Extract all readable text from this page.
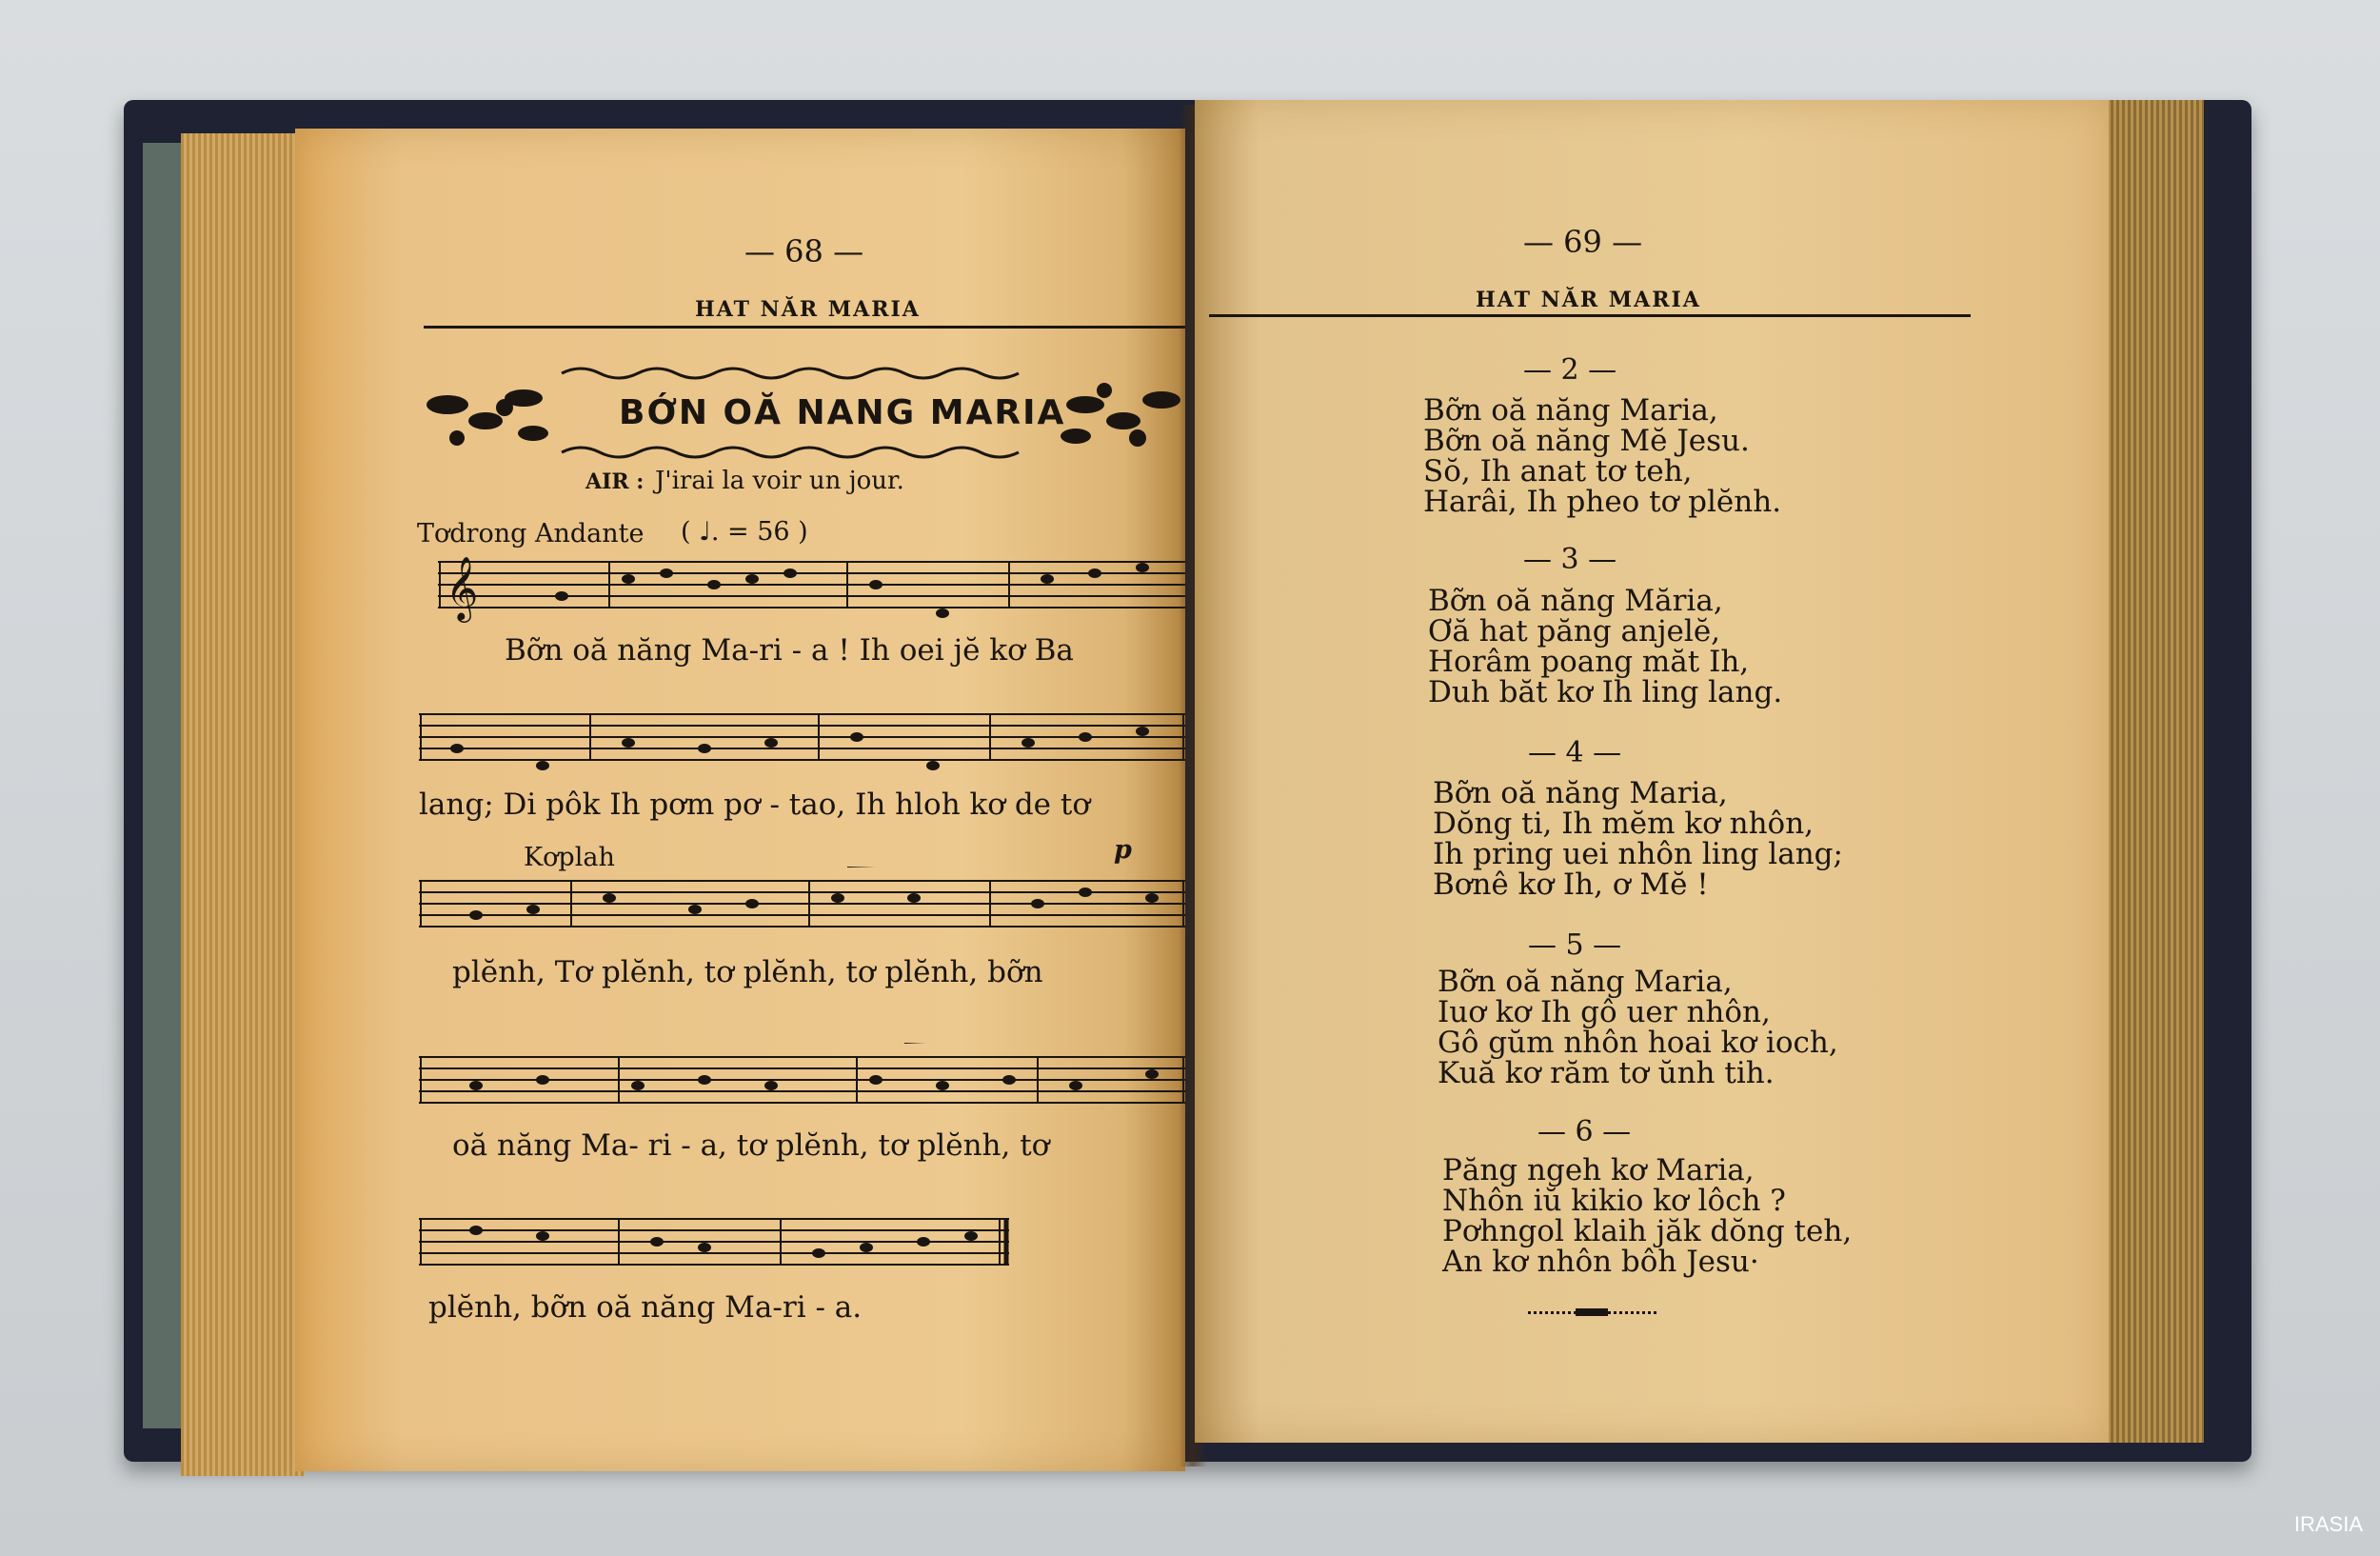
— 68 —
HAT NĂR MARIA
BỚN OĂ NANG MARIA
AIR : J'irai la voir un jour.
Tơdrong Andante ( ♩. = 56 )
𝄞
Bỡn oă năng Ma-ri - a ! Ih oei jĕ kơ Ba
lang; Di pôk Ih pơm pơ - tao, Ih hloh kơ de tơ
Kơplah	p
plĕnh, Tơ plĕnh, tơ plĕnh, tơ plĕnh, bỡn
oă năng Ma- ri - a, tơ plĕnh, tơ plĕnh, tơ
plĕnh, bỡn oă năng Ma-ri - a.
— 69 —
HAT NĂR MARIA
— 2 —
Bỡn oă năng Maria,
Bỡn oă năng Mĕ Jesu.
Sŏ, Ih anat tơ teh,
Harâi, Ih pheo tơ plĕnh.
— 3 —
Bỡn oă năng Măria,
Ơă hat păng anjelĕ,
Horâm poang măt Ih,
Duh băt kơ Ih ling lang.
— 4 —
Bỡn oă năng Maria,
Dŏng ti, Ih mĕm kơ nhôn,
Ih pring uei nhôn ling lang;
Bơnê kơ Ih, ơ Mĕ !
— 5 —
Bỡn oă năng Maria,
Iuơ kơ Ih gô uer nhôn,
Gô gŭm nhôn hoai kơ ioch,
Kuă kơ răm tơ ŭnh tih.
— 6 —
Păng ngeh kơ Maria,
Nhôn iŭ kikio kơ lôch ?
Pơhngol klaih jăk dŏng teh,
An kơ nhôn bôh Jesu·
IRASIA
